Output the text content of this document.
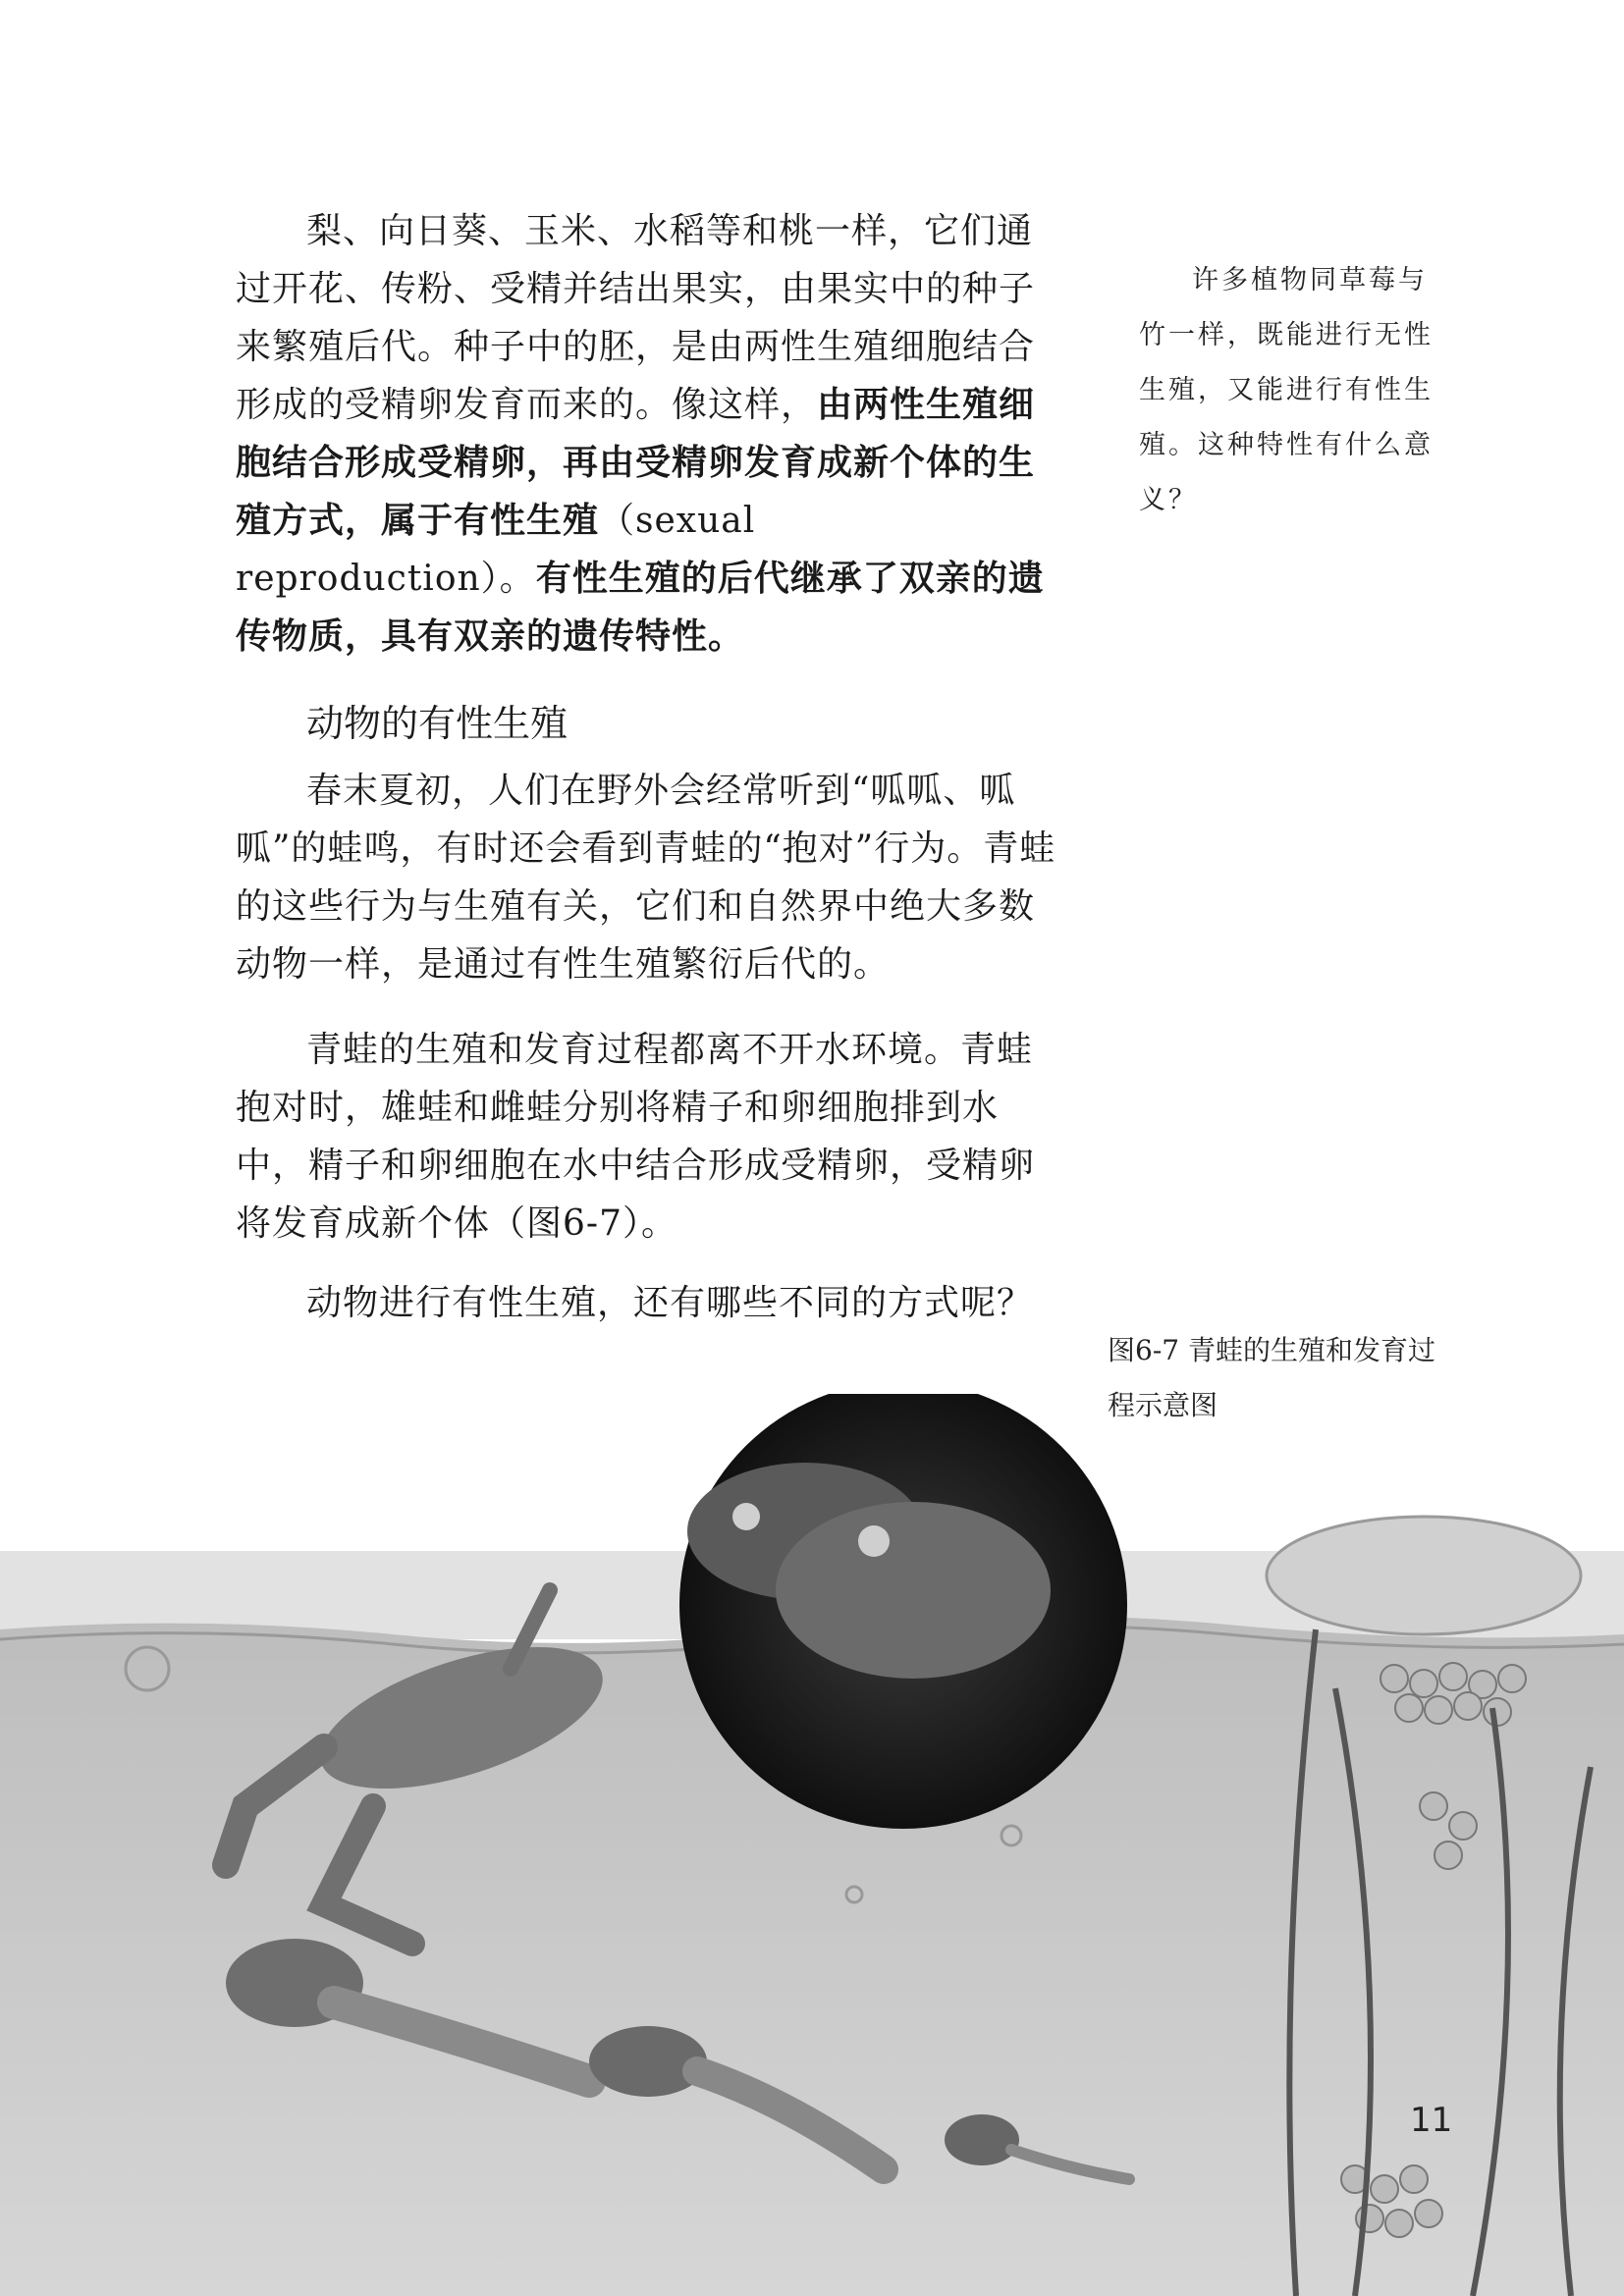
梨、向日葵、玉米、水稻等和桃一样，它们通过开花、传粉、受精并结出果实，由果实中的种子来繁殖后代。种子中的胚，是由两性生殖细胞结合形成的受精卵发育而来的。像这样，由两性生殖细胞结合形成受精卵，再由受精卵发育成新个体的生殖方式，属于有性生殖（sexual reproduction）。有性生殖的后代继承了双亲的遗传物质，具有双亲的遗传特性。

许多植物同草莓与竹一样，既能进行无性生殖，又能进行有性生殖。这种特性有什么意义？

动物的有性生殖

春末夏初，人们在野外会经常听到“呱呱、呱呱”的蛙鸣，有时还会看到青蛙的“抱对”行为。青蛙的这些行为与生殖有关，它们和自然界中绝大多数动物一样，是通过有性生殖繁衍后代的。

青蛙的生殖和发育过程都离不开水环境。青蛙抱对时，雄蛙和雌蛙分别将精子和卵细胞排到水中，精子和卵细胞在水中结合形成受精卵，受精卵将发育成新个体（图6-7）。

动物进行有性生殖，还有哪些不同的方式呢？

图6-7 青蛙的生殖和发育过程示意图

11
